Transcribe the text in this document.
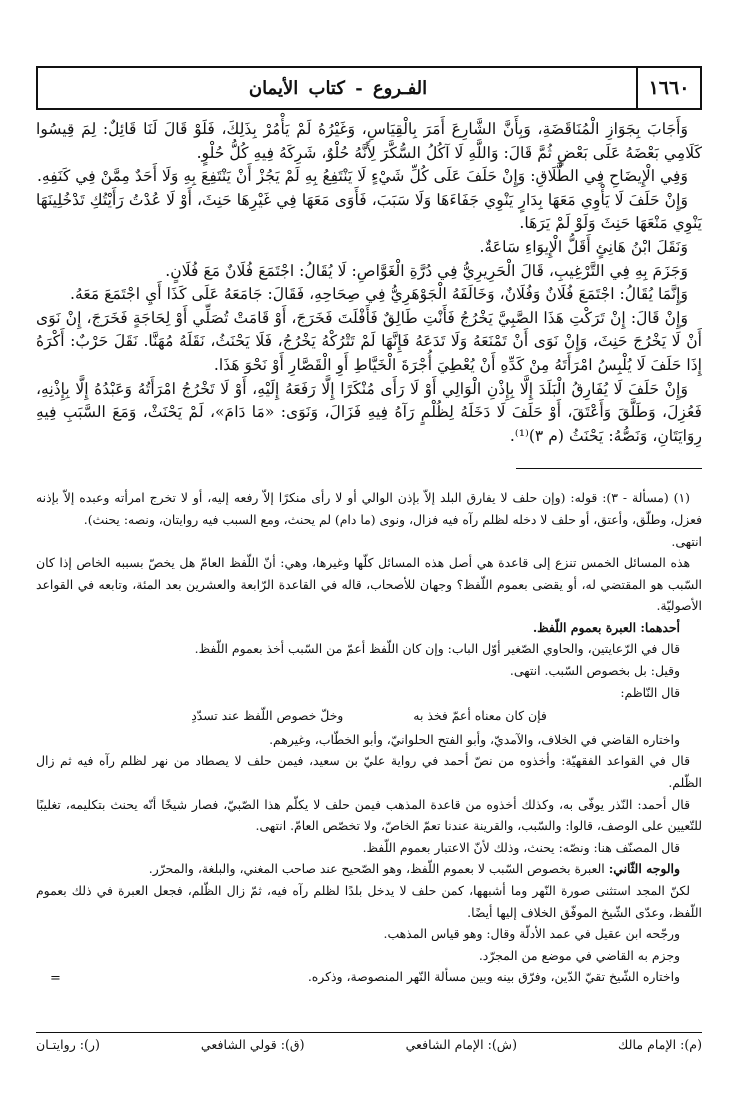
١٦٦٠
الفـروع - كتاب الأيمان

وَأَجَابَ بِجَوَازِ الْمُنَاقَضَةِ، وَبِأَنَّ الشَّارِعَ أَمَرَ بِالْقِيَاسِ، وَغَيْرُهُ لَمْ يَأْمُرْ بِذَلِكَ، فَلَوْ قَالَ لَنَا قَائِلٌ: لِمَ قِيسُوا كَلَامِي بَعْضَهُ عَلَى بَعْضٍ ثُمَّ قَالَ: وَاللَّهِ لَا آكُلُ السُّكَّرَ لِأَنَّهُ حُلْوٌ، شَرِكَهُ فِيهِ كُلُّ حُلْوٍ.

وَفِي الْإِيضَاحِ فِي الطَّلَاقِ: وَإِنْ حَلَفَ عَلَى كُلِّ شَيْءٍ لَا يَنْتَفِعُ بِهِ لَمْ يَجُزْ أَنْ يَنْتَفِعَ بِهِ وَلَا أَحَدٌ مِمَّنْ فِي كَنَفِهِ.

وَإِنْ حَلَفَ لَا يَأْوِي مَعَهَا بِدَارٍ يَنْوِي جَفَاءَهَا وَلَا سَبَبَ، فَأَوَى مَعَهَا فِي غَيْرِهَا حَنِثَ، أَوْ لَا عُدْتُ رَأَيْتُكِ تَدْخُلِينَهَا يَنْوِي مَنْعَهَا حَنِثَ وَلَوْ لَمْ يَرَهَا.

وَنَقَلَ ابْنُ هَانِئٍ أَقَلُّ الْإِيوَاءِ سَاعَةٌ.

وَجَزَمَ بِهِ فِي التَّرْغِيبِ، قَالَ الْحَرِيرِيُّ فِي دُرَّةِ الْغَوَّاصِ: لَا يُقَالُ: اجْتَمَعَ فُلَانٌ مَعَ فُلَانٍ.

وَإِنَّمَا يُقَالُ: اجْتَمَعَ فُلَانٌ وَفُلَانٌ، وَخَالَفَهُ الْجَوْهَرِيُّ فِي صِحَاحِهِ، فَقَالَ: جَامَعَهُ عَلَى كَذَا أَيِ اجْتَمَعَ مَعَهُ.

وَإِنْ قَالَ: إِنْ تَرَكْتِ هَذَا الصَّبِيَّ يَخْرُجُ فَأَنْتِ طَالِقٌ فَأَفْلَتَ فَخَرَجَ، أَوْ قَامَتْ تُصَلِّي أَوْ لِحَاجَةٍ فَخَرَجَ، إِنْ نَوَى أَنْ لَا يَخْرُجَ حَنِثَ، وَإِنْ نَوَى أَنْ تَمْنَعَهُ وَلَا تَدَعَهُ فَإِنَّهَا لَمْ تَتْرُكْهُ يَخْرُجُ، فَلَا يَحْنَثُ، نَقَلَهُ مُهَنَّا. نَقَلَ حَرْبٌ: أَكْرَهُ إِذَا حَلَفَ لَا يُلْبِسُ امْرَأَتَهُ مِنْ كَدِّهِ أَنْ يُعْطِيَ أُجْرَةَ الْخَيَّاطِ أَوِ الْقَصَّارِ أَوْ نَحْوَ هَذَا.

وَإِنْ حَلَفَ لَا يُفَارِقُ الْبَلَدَ إِلَّا بِإِذْنِ الْوَالِي أَوْ لَا رَأَى مُنْكَرًا إِلَّا رَفَعَهُ إِلَيْهِ، أَوْ لَا تَخْرُجُ امْرَأَتُهُ وَعَبْدُهُ إِلَّا بِإِذْنِهِ، فَعُزِلَ، وَطَلَّقَ وَأَعْتَقَ، أَوْ حَلَفَ لَا دَخَلَهُ لِظُلْمٍ رَآهُ فِيهِ فَزَالَ، وَنَوَى: «مَا دَامَ»، لَمْ يَحْنَثْ، وَمَعَ السَّبَبِ فِيهِ رِوَايَتَانِ، وَنَصُّهُ: يَحْنَثُ (م ٣)⁽¹⁾.

(١) (مسألة - ٣): قوله: (وإن حلف لا يفارق البلد إلاّ بإذن الوالي أو لا رأى منكرًا إلاّ رفعه إليه، أو لا تخرج امرأته وعبده إلاّ بإذنه فعزل، وطلّق، وأعتق، أو حلف لا دخله لظلم رآه فيه فزال، ونوى (ما دام) لم يحنث، ومع السبب فيه روايتان، ونصه: يحنث).

انتهى.

هذه المسائل الخمس تنزع إلى قاعدة هي أصل هذه المسائل كلّها وغيرها، وهي: أنّ اللّفظ العامّ هل يخصّ بسببه الخاص إذا كان السّبب هو المقتضي له، أو يقضى بعموم اللّفظ؟ وجهان للأصحاب، قاله في القاعدة الرّابعة والعشرين بعد المئة، وتابعه في القواعد الأصوليّة.

أحدهما: العبرة بعموم اللّفظ.

قال في الرّعايتين، والحاوي الصّغير أوّل الباب: وإن كان اللّفظ أعمّ من السّبب أخذ بعموم اللّفظ.

وقيل: بل بخصوص السّبب. انتهى.

قال النّاظم:

فإن كان معناه أعمّ فخذ به
وخلّ خصوص اللّفظ عند تسدّدِ

واختاره القاضي في الخلاف، والآمديّ، وأبو الفتح الحلوانيّ، وأبو الخطّاب، وغيرهم.

قال في القواعد الفقهيّة: وأخذوه من نصّ أحمد في رواية عليّ بن سعيد، فيمن حلف لا يصطاد من نهر لظلم رآه فيه ثم زال الظّلم.

قال أحمد: النّذر يوفّى به، وكذلك أخذوه من قاعدة المذهب فيمن حلف لا يكلّم هذا الصّبيّ، فصار شيخًا أنّه يحنث بتكليمه، تغليبًا للتّعيين على الوصف، قالوا: والسّبب، والقرينة عندنا تعمّ الخاصّ، ولا تخصّص العامّ. انتهى.

قال المصنّف هنا: ونصّه: يحنث، وذلك لأنّ الاعتبار بعموم اللّفظ.

والوجه الثّاني: العبرة بخصوص السّبب لا بعموم اللّفظ، وهو الصّحيح عند صاحب المغني، والبلغة، والمحرّر.

لكنّ المجد استثنى صورة النّهر وما أشبهها، كمن حلف لا يدخل بلدًا لظلم رآه فيه، ثمّ زال الظّلم، فجعل العبرة في ذلك بعموم اللّفظ، وعدّى الشّيخ الموفّق الخلاف إليها أيضًا.

ورجّحه ابن عقيل في عمد الأدلّة وقال: وهو قياس المذهب.

وجزم به القاضي في موضع من المجرّد.

واختاره الشّيخ تقيّ الدّين، وفرّق بينه وبين مسألة النّهر المنصوصة، وذكره.

=
(م): الإمام مالك
(ش): الإمام الشافعي
(ق): قولي الشافعي
(ر): روايتـان
